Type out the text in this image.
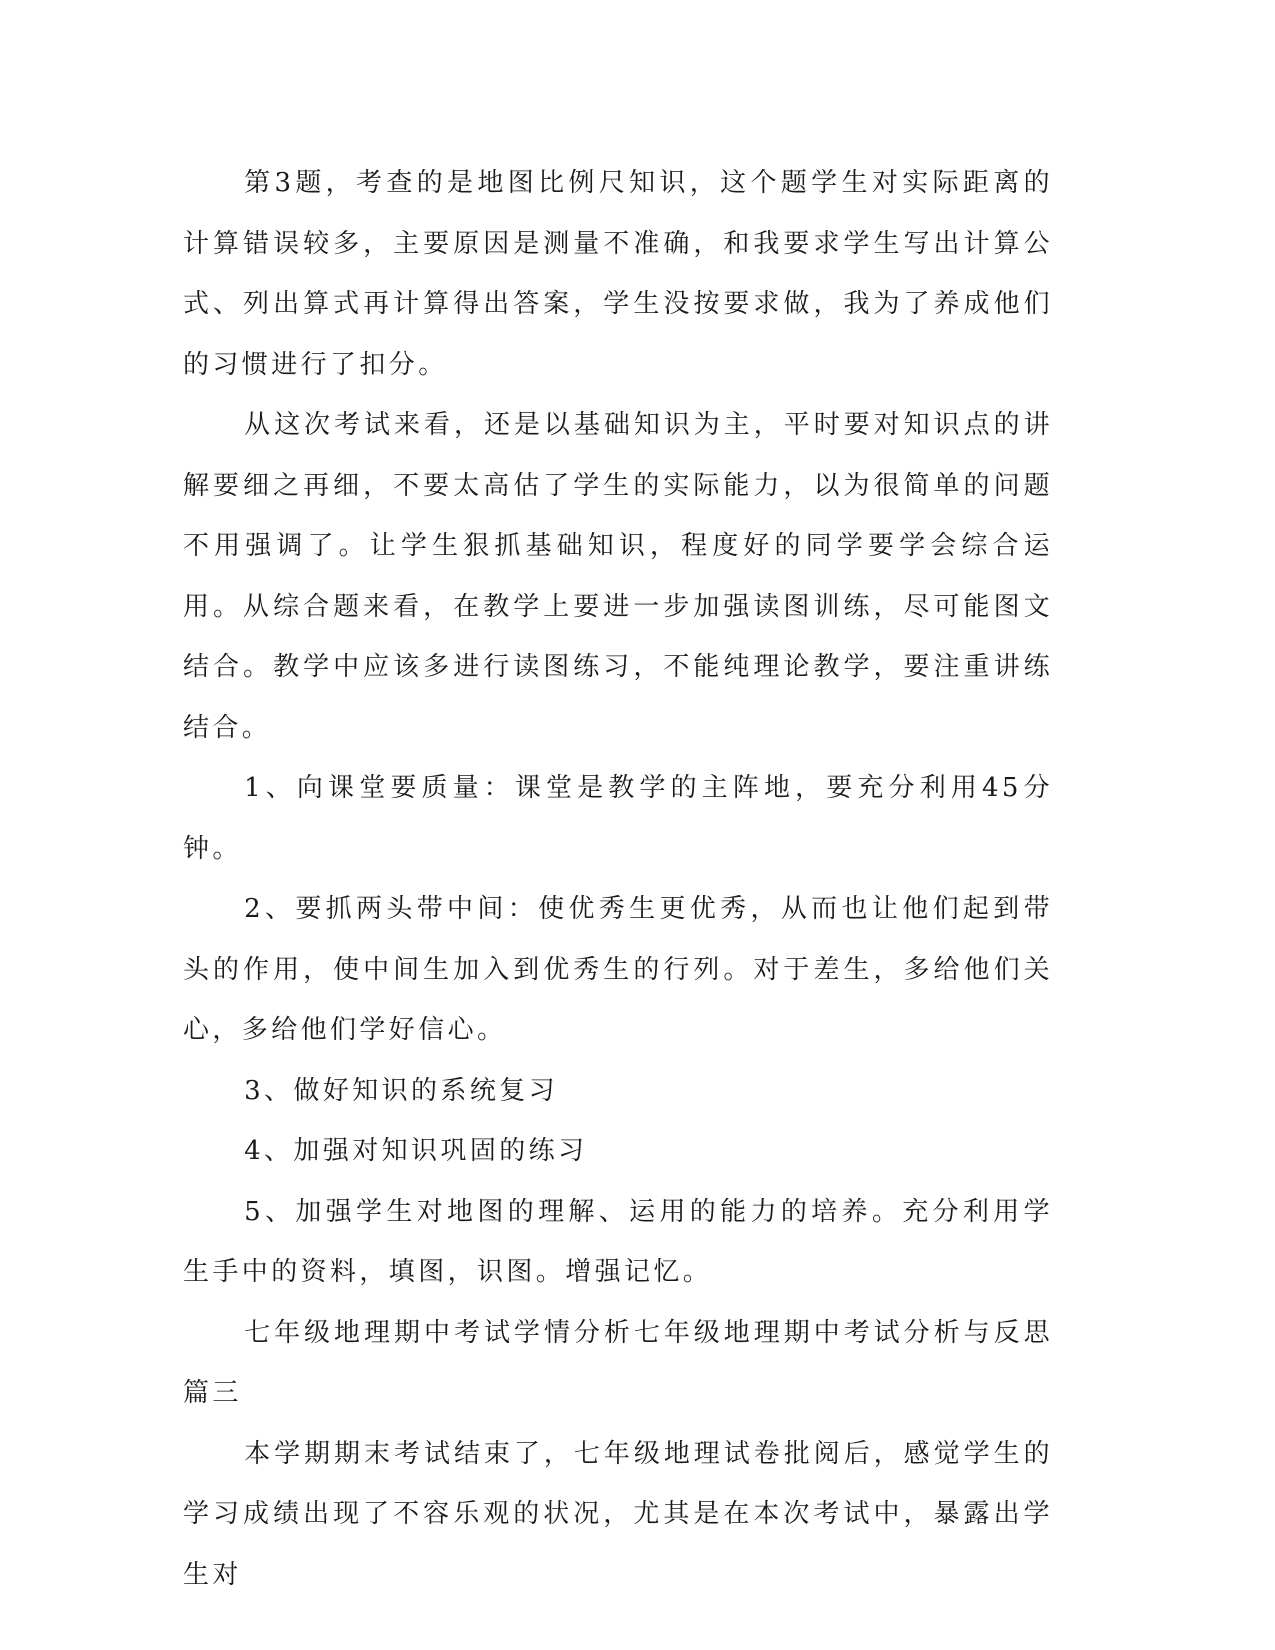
第3题，考查的是地图比例尺知识，这个题学生对实际距离的计算错误较多，主要原因是测量不准确，和我要求学生写出计算公式、列出算式再计算得出答案，学生没按要求做，我为了养成他们的习惯进行了扣分。

从这次考试来看，还是以基础知识为主，平时要对知识点的讲解要细之再细，不要太高估了学生的实际能力，以为很简单的问题不用强调了。让学生狠抓基础知识，程度好的同学要学会综合运用。从综合题来看，在教学上要进一步加强读图训练，尽可能图文结合。教学中应该多进行读图练习，不能纯理论教学，要注重讲练结合。

1、向课堂要质量：课堂是教学的主阵地，要充分利用45分钟。

2、要抓两头带中间：使优秀生更优秀，从而也让他们起到带头的作用，使中间生加入到优秀生的行列。对于差生，多给他们关心，多给他们学好信心。

3、做好知识的系统复习

4、加强对知识巩固的练习

5、加强学生对地图的理解、运用的能力的培养。充分利用学生手中的资料，填图，识图。增强记忆。

七年级地理期中考试学情分析七年级地理期中考试分析与反思篇三

本学期期末考试结束了，七年级地理试卷批阅后，感觉学生的学习成绩出现了不容乐观的状况，尤其是在本次考试中，暴露出学生对
